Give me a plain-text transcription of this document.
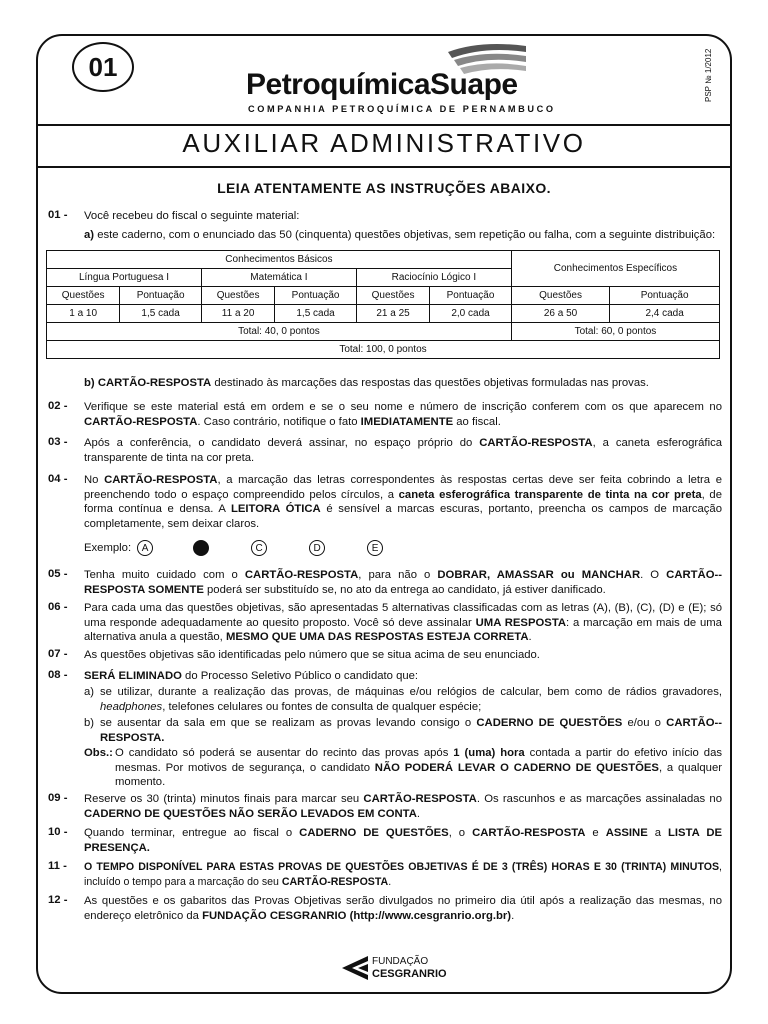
01
PetroquímicaSuape
COMPANHIA PETROQUÍMICA DE PERNAMBUCO
PSP № 1/2012
AUXILIAR ADMINISTRATIVO
LEIA ATENTAMENTE AS INSTRUÇÕES ABAIXO.
01 - Você recebeu do fiscal o seguinte material:
a) este caderno, com o enunciado das 50 (cinquenta) questões objetivas, sem repetição ou falha, com a seguinte distribuição:
Conhecimentos Básicos						Conhecimentos Específicos	
Língua Portuguesa I		Matemática I		Raciocínio Lógico I			
Questões	Pontuação	Questões	Pontuação	Questões	Pontuação	Questões	Pontuação
1 a 10	1,5 cada	11 a 20	1,5 cada	21 a 25	2,0 cada	26 a 50	2,4 cada
Total: 40, 0 pontos						Total: 60, 0 pontos	
Total: 100, 0 pontos							
b) CARTÃO-RESPOSTA destinado às marcações das respostas das questões objetivas formuladas nas provas.
02 - Verifique se este material está em ordem e se o seu nome e número de inscrição conferem com os que aparecem no CARTÃO-RESPOSTA. Caso contrário, notifique o fato IMEDIATAMENTE ao fiscal.
03 - Após a conferência, o candidato deverá assinar, no espaço próprio do CARTÃO-RESPOSTA, a caneta esferográfica transparente de tinta na cor preta.
04 - No CARTÃO-RESPOSTA, a marcação das letras correspondentes às respostas certas deve ser feita cobrindo a letra e preenchendo todo o espaço compreendido pelos círculos, a caneta esferográfica transparente de tinta na cor preta, de forma contínua e densa. A LEITORA ÓTICA é sensível a marcas escuras, portanto, preencha os campos de marcação completamente, sem deixar claros.
Exemplo:	A	C	D	E
05 - Tenha muito cuidado com o CARTÃO-RESPOSTA, para não o DOBRAR, AMASSAR ou MANCHAR. O CARTÃO--RESPOSTA SOMENTE poderá ser substituído se, no ato da entrega ao candidato, já estiver danificado.
06 - Para cada uma das questões objetivas, são apresentadas 5 alternativas classificadas com as letras (A), (B), (C), (D) e (E); só uma responde adequadamente ao quesito proposto. Você só deve assinalar UMA RESPOSTA: a marcação em mais de uma alternativa anula a questão, MESMO QUE UMA DAS RESPOSTAS ESTEJA CORRETA.
07 - As questões objetivas são identificadas pelo número que se situa acima de seu enunciado.
08 - SERÁ ELIMINADO do Processo Seletivo Público o candidato que:
a) se utilizar, durante a realização das provas, de máquinas e/ou relógios de calcular, bem como de rádios gravadores, headphones, telefones celulares ou fontes de consulta de qualquer espécie;
b) se ausentar da sala em que se realizam as provas levando consigo o CADERNO DE QUESTÕES e/ou o CARTÃO--RESPOSTA.
Obs.: O candidato só poderá se ausentar do recinto das provas após 1 (uma) hora contada a partir do efetivo início das mesmas. Por motivos de segurança, o candidato NÃO PODERÁ LEVAR O CADERNO DE QUESTÕES, a qualquer momento.
09 - Reserve os 30 (trinta) minutos finais para marcar seu CARTÃO-RESPOSTA. Os rascunhos e as marcações assinaladas no CADERNO DE QUESTÕES NÃO SERÃO LEVADOS EM CONTA.
10 - Quando terminar, entregue ao fiscal o CADERNO DE QUESTÕES, o CARTÃO-RESPOSTA e ASSINE a LISTA DE PRESENÇA.
11 - O TEMPO DISPONÍVEL PARA ESTAS PROVAS DE QUESTÕES OBJETIVAS É DE 3 (TRÊS) HORAS E 30 (TRINTA) MINUTOS, incluído o tempo para a marcação do seu CARTÃO-RESPOSTA.
12 - As questões e os gabaritos das Provas Objetivas serão divulgados no primeiro dia útil após a realização das mesmas, no endereço eletrônico da FUNDAÇÃO CESGRANRIO (http://www.cesgranrio.org.br).
FUNDAÇÃO
CESGRANRIO
